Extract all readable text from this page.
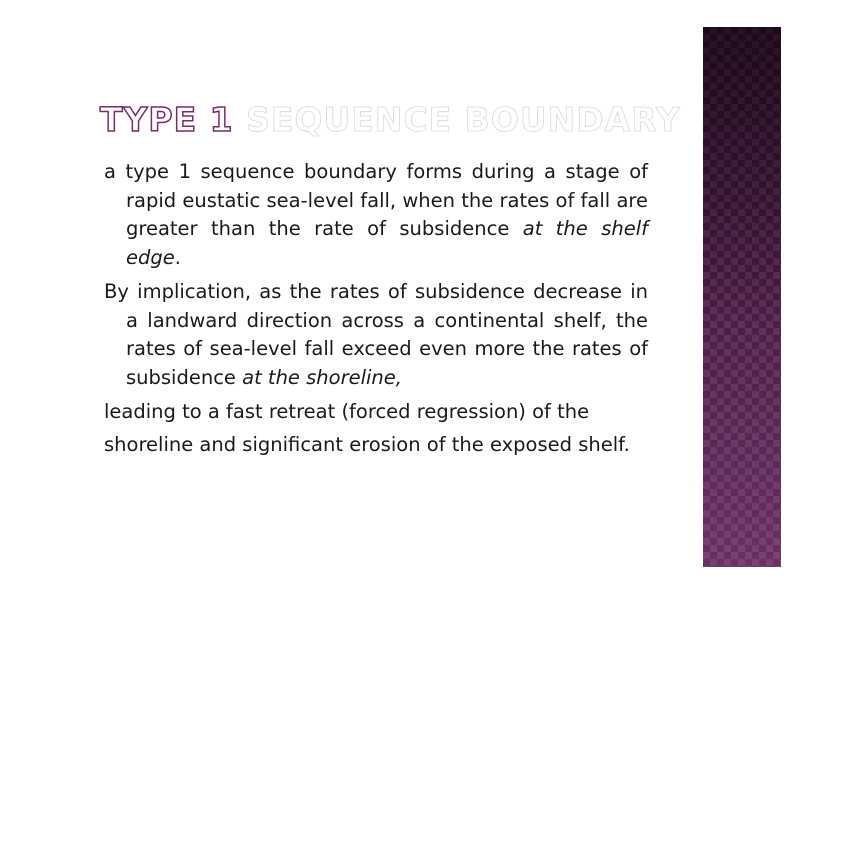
TYPE 1 SEQUENCE BOUNDARY

a type 1 sequence boundary forms during a stage of rapid eustatic sea-level fall, when the rates of fall are greater than the rate of subsidence at the shelf edge.

By implication, as the rates of subsidence decrease in a landward direction across a continental shelf, the rates of sea-level fall exceed even more the rates of subsidence at the shoreline,

leading to a fast retreat (forced regression) of the

shoreline and significant erosion of the exposed shelf.
